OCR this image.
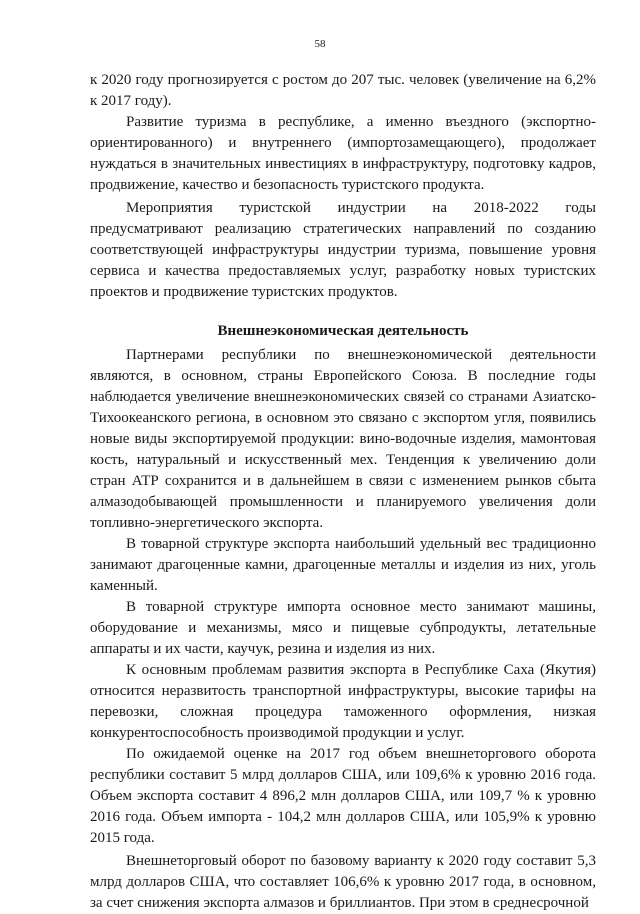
58

к 2020 году прогнозируется с ростом до 207 тыс. человек (увеличение на 6,2% к 2017 году).

Развитие туризма в республике, а именно въездного (экспортно-ориентированного) и внутреннего (импортозамещающего), продолжает нуждаться в значительных инвестициях в инфраструктуру, подготовку кадров, продвижение, качество и безопасность туристского продукта.

Мероприятия туристской индустрии на 2018-2022 годы предусматривают реализацию стратегических направлений по созданию соответствующей инфраструктуры индустрии туризма, повышение уровня сервиса и качества предоставляемых услуг, разработку новых туристских проектов и продвижение туристских продуктов.

Внешнеэкономическая деятельность

Партнерами республики по внешнеэкономической деятельности являются, в основном, страны Европейского Союза. В последние годы наблюдается увеличение внешнеэкономических связей со странами Азиатско-Тихоокеанского региона, в основном это связано с экспортом угля, появились новые виды экспортируемой продукции: вино-водочные изделия, мамонтовая кость, натуральный и искусственный мех. Тенденция к увеличению доли стран АТР сохранится и в дальнейшем в связи с изменением рынков сбыта алмазодобывающей промышленности и планируемого увеличения доли топливно-энергетического экспорта.

В товарной структуре экспорта наибольший удельный вес традиционно занимают драгоценные камни, драгоценные металлы и изделия из них, уголь каменный.

В товарной структуре импорта основное место занимают машины, оборудование и механизмы, мясо и пищевые субпродукты, летательные аппараты и их части, каучук, резина и изделия из них.

К основным проблемам развития экспорта в Республике Саха (Якутия) относится неразвитость транспортной инфраструктуры, высокие тарифы на перевозки, сложная процедура таможенного оформления, низкая конкурентоспособность производимой продукции и услуг.

По ожидаемой оценке на 2017 год объем внешнеторгового оборота республики составит 5 млрд долларов США, или 109,6% к уровню 2016 года. Объем экспорта составит 4 896,2 млн долларов США, или 109,7 % к уровню 2016 года. Объем импорта - 104,2 млн долларов США, или 105,9% к уровню 2015 года.

Внешнеторговый оборот по базовому варианту к 2020 году составит 5,3 млрд долларов США, что составляет 106,6% к уровню 2017 года, в основном, за счет снижения экспорта алмазов и бриллиантов. При этом в среднесрочной
